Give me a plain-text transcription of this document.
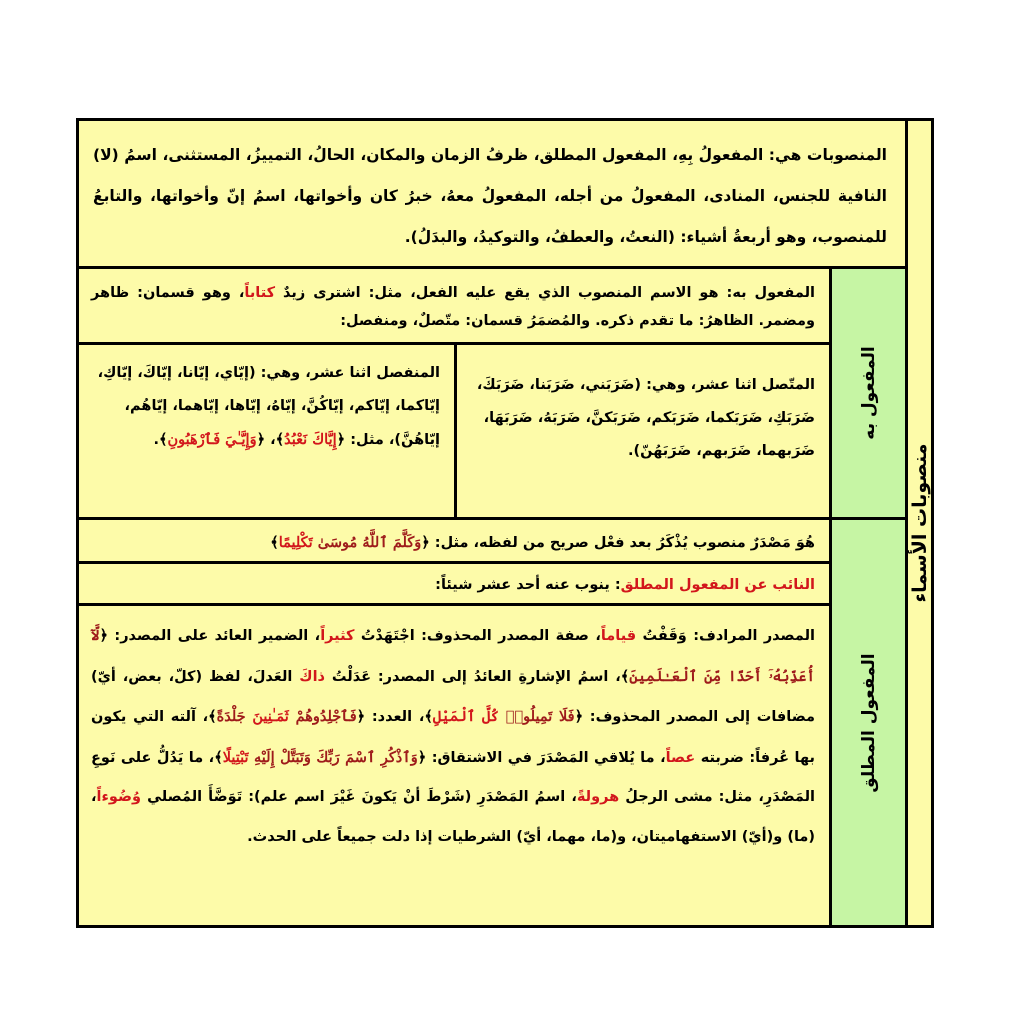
منصوبات الأسماء
المنصوبات هي: المفعولُ بِهِ، المفعول المطلق، ظرفُ الزمان والمكان، الحالُ، التمييزُ، المستثنى، اسمُ (لا) النافية للجنس، المنادى، المفعولُ من أجله، المفعولُ معهُ، خبرُ كان وأخواتها، اسمُ إنّ وأخواتها، والتابعُ للمنصوب، وهو أربعةُ أشياء: (النعتُ، والعطفُ، والتوكيدُ، والبدَلُ).
المفعول به
المفعول به: هو الاسم المنصوب الذي يقع عليه الفعل، مثل: اشترى زيدٌ كتاباً، وهو قسمان: ظاهر ومضمر. الظاهرُ: ما تقدم ذكره. والمُضمَرُ قسمان: متّصلٌ، ومنفصل:
المتّصل اثنا عشر، وهي: (ضَرَبَني، ضَرَبَنا، ضَرَبَكَ، ضَرَبَكِ، ضَرَبَكما، ضَرَبَكم، ضَرَبَكنَّ، ضَرَبَهُ، ضَرَبَهَا، ضَرَبهما، ضَرَبهم، ضَرَبَهُنّ).
المنفصل اثنا عشر، وهي: (إيّاي، إيّانا، إيّاكَ، إيّاكِ، إيّاكما، إيّاكم، إيّاكُنَّ، إيّاهُ، إيّاها، إيّاهما، إيّاهُم، إيّاهُنَّ)، مثل: ﴿إِيَّاكَ نَعْبُدُ﴾، ﴿وَإِيَّـٰيَ فَٱرْهَبُونِ﴾.
المفعول المطلق
هُوَ مَصْدَرٌ منصوب يُذْكَرُ بعد فعْل صريح من لفظه، مثل: ﴿وَكَلَّمَ ٱللَّهُ مُوسَىٰ تَكْلِيمًا﴾
النائب عن المفعول المطلق: ينوب عنه أحد عشر شيئاً:
المصدر المرادف: وَقَفْتُ قياماً، صفة المصدر المحذوف: اجْتَهَدْتُ كثيراً، الضمير العائد على المصدر: ﴿لَّآ أُعَذِّبُهُۥٓ أَحَدًا مِّنَ ٱلْعَـٰلَمِينَ﴾، اسمُ الإشارةِ العائدُ إلى المصدر: عَدَلْتُ ذاكَ العَدلَ، لفظ (كلّ، بعض، أيّ) مضافات إلى المصدر المحذوف: ﴿فَلَا تَمِيلُوا۟ كُلَّ ٱلْمَيْلِ﴾، العدد: ﴿فَٱجْلِدُوهُمْ ثَمَـٰنِينَ جَلْدَةً﴾، آلته التي يكون بها عُرفاً: ضربته عصاً، ما يُلاقي المَصْدَرَ في الاشتقاق: ﴿وَٱذْكُرِ ٱسْمَ رَبِّكَ وَتَبَتَّلْ إِلَيْهِ تَبْتِيلًا﴾، ما يَدُلُّ على نَوعِ المَصْدَرِ، مثل: مشى الرجلُ هرولةً، اسمُ المَصْدَرِ (شَرْطَ أنْ يَكونَ غَيْرَ اسم علم): تَوَضَّأَ المُصلي وُضُوءاً، (ما) و(أيّ) الاستفهاميتان، و(ما، مهما، أيّ) الشرطيات إذا دلت جميعاً على الحدث.
